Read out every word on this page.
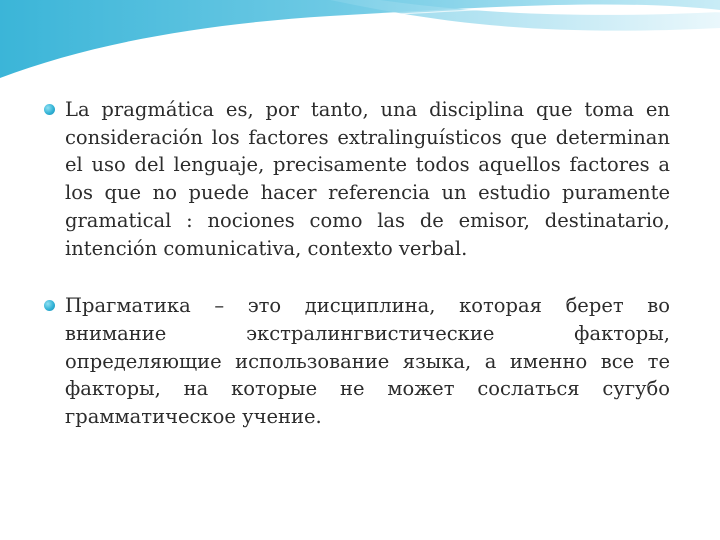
La pragmática es, por tanto, una disciplina que toma en consideración los factores extralinguísticos que determinan el uso del lenguaje, precisamente todos aquellos factores a los que no puede hacer referencia un estudio puramente gramatical : nociones como las de emisor, destinatario, intención comunicativa, contexto verbal.

Прагматика – это дисциплина, которая берет во внимание экстралингвистические факторы, определяющие использование языка, а именно все те факторы, на которые не может сослаться сугубо грамматическое учение.
